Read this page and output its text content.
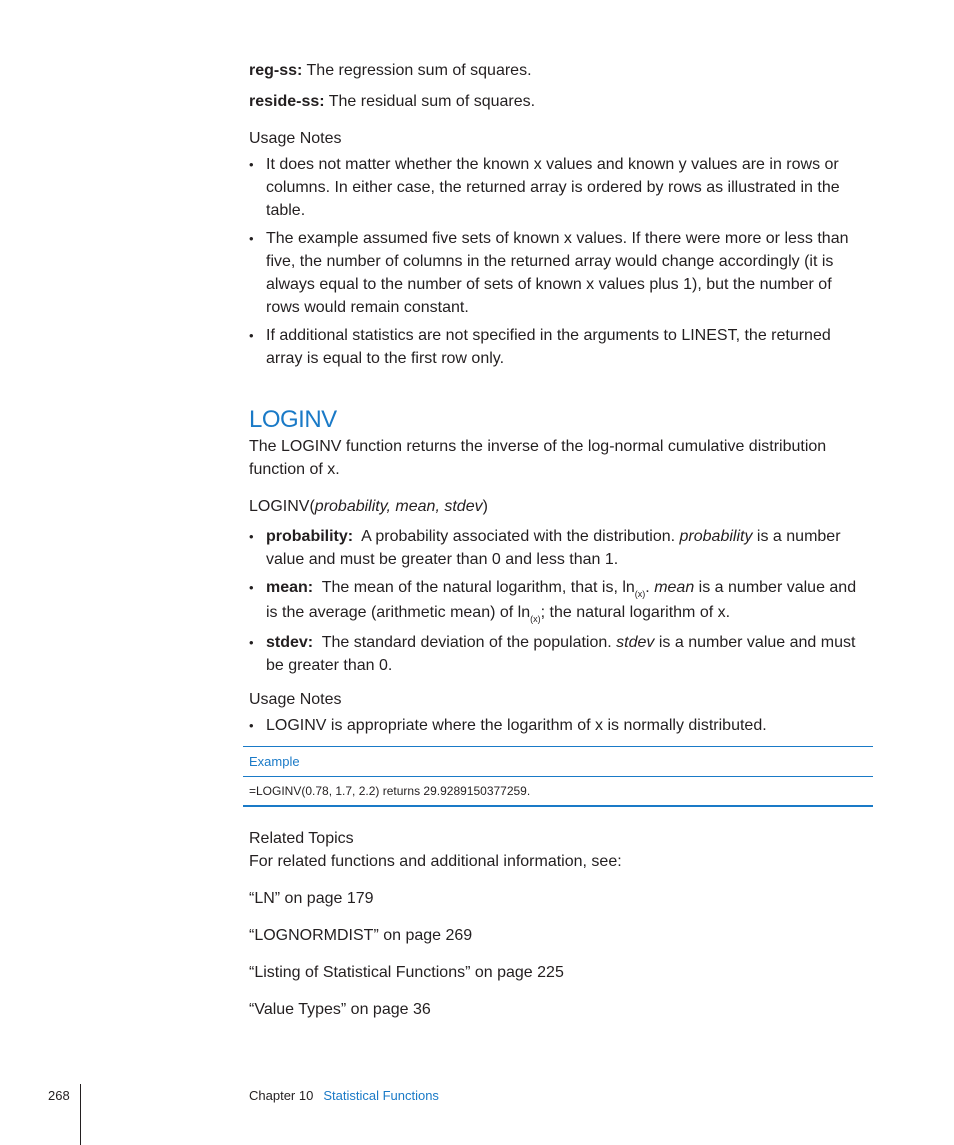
reg-ss: The regression sum of squares.

reside-ss: The residual sum of squares.

Usage Notes
• It does not matter whether the known x values and known y values are in rows or columns. In either case, the returned array is ordered by rows as illustrated in the table.
• The example assumed five sets of known x values. If there were more or less than five, the number of columns in the returned array would change accordingly (it is always equal to the number of sets of known x values plus 1), but the number of rows would remain constant.
• If additional statistics are not specified in the arguments to LINEST, the returned array is equal to the first row only.
LOGINV

The LOGINV function returns the inverse of the log-normal cumulative distribution function of x.

LOGINV(probability, mean, stdev)

• probability: A probability associated with the distribution. probability is a number value and must be greater than 0 and less than 1.
• mean: The mean of the natural logarithm, that is, $\ln_{(x)}$. mean is a number value and is the average (arithmetic mean) of $\ln_{(x)}$; the natural logarithm of x.
• stdev: The standard deviation of the population. stdev is a number value and must be greater than 0.
Usage Notes
• LOGINV is appropriate where the logarithm of x is normally distributed.
Example
=LOGINV(0.78, 1.7, 2.2) returns 29.9289150377259.
Related Topics

For related functions and additional information, see:

“LN” on page 179

“LOGNORMDIST” on page 269

“Listing of Statistical Functions” on page 225

“Value Types” on page 36

268	Chapter 10 Statistical Functions
